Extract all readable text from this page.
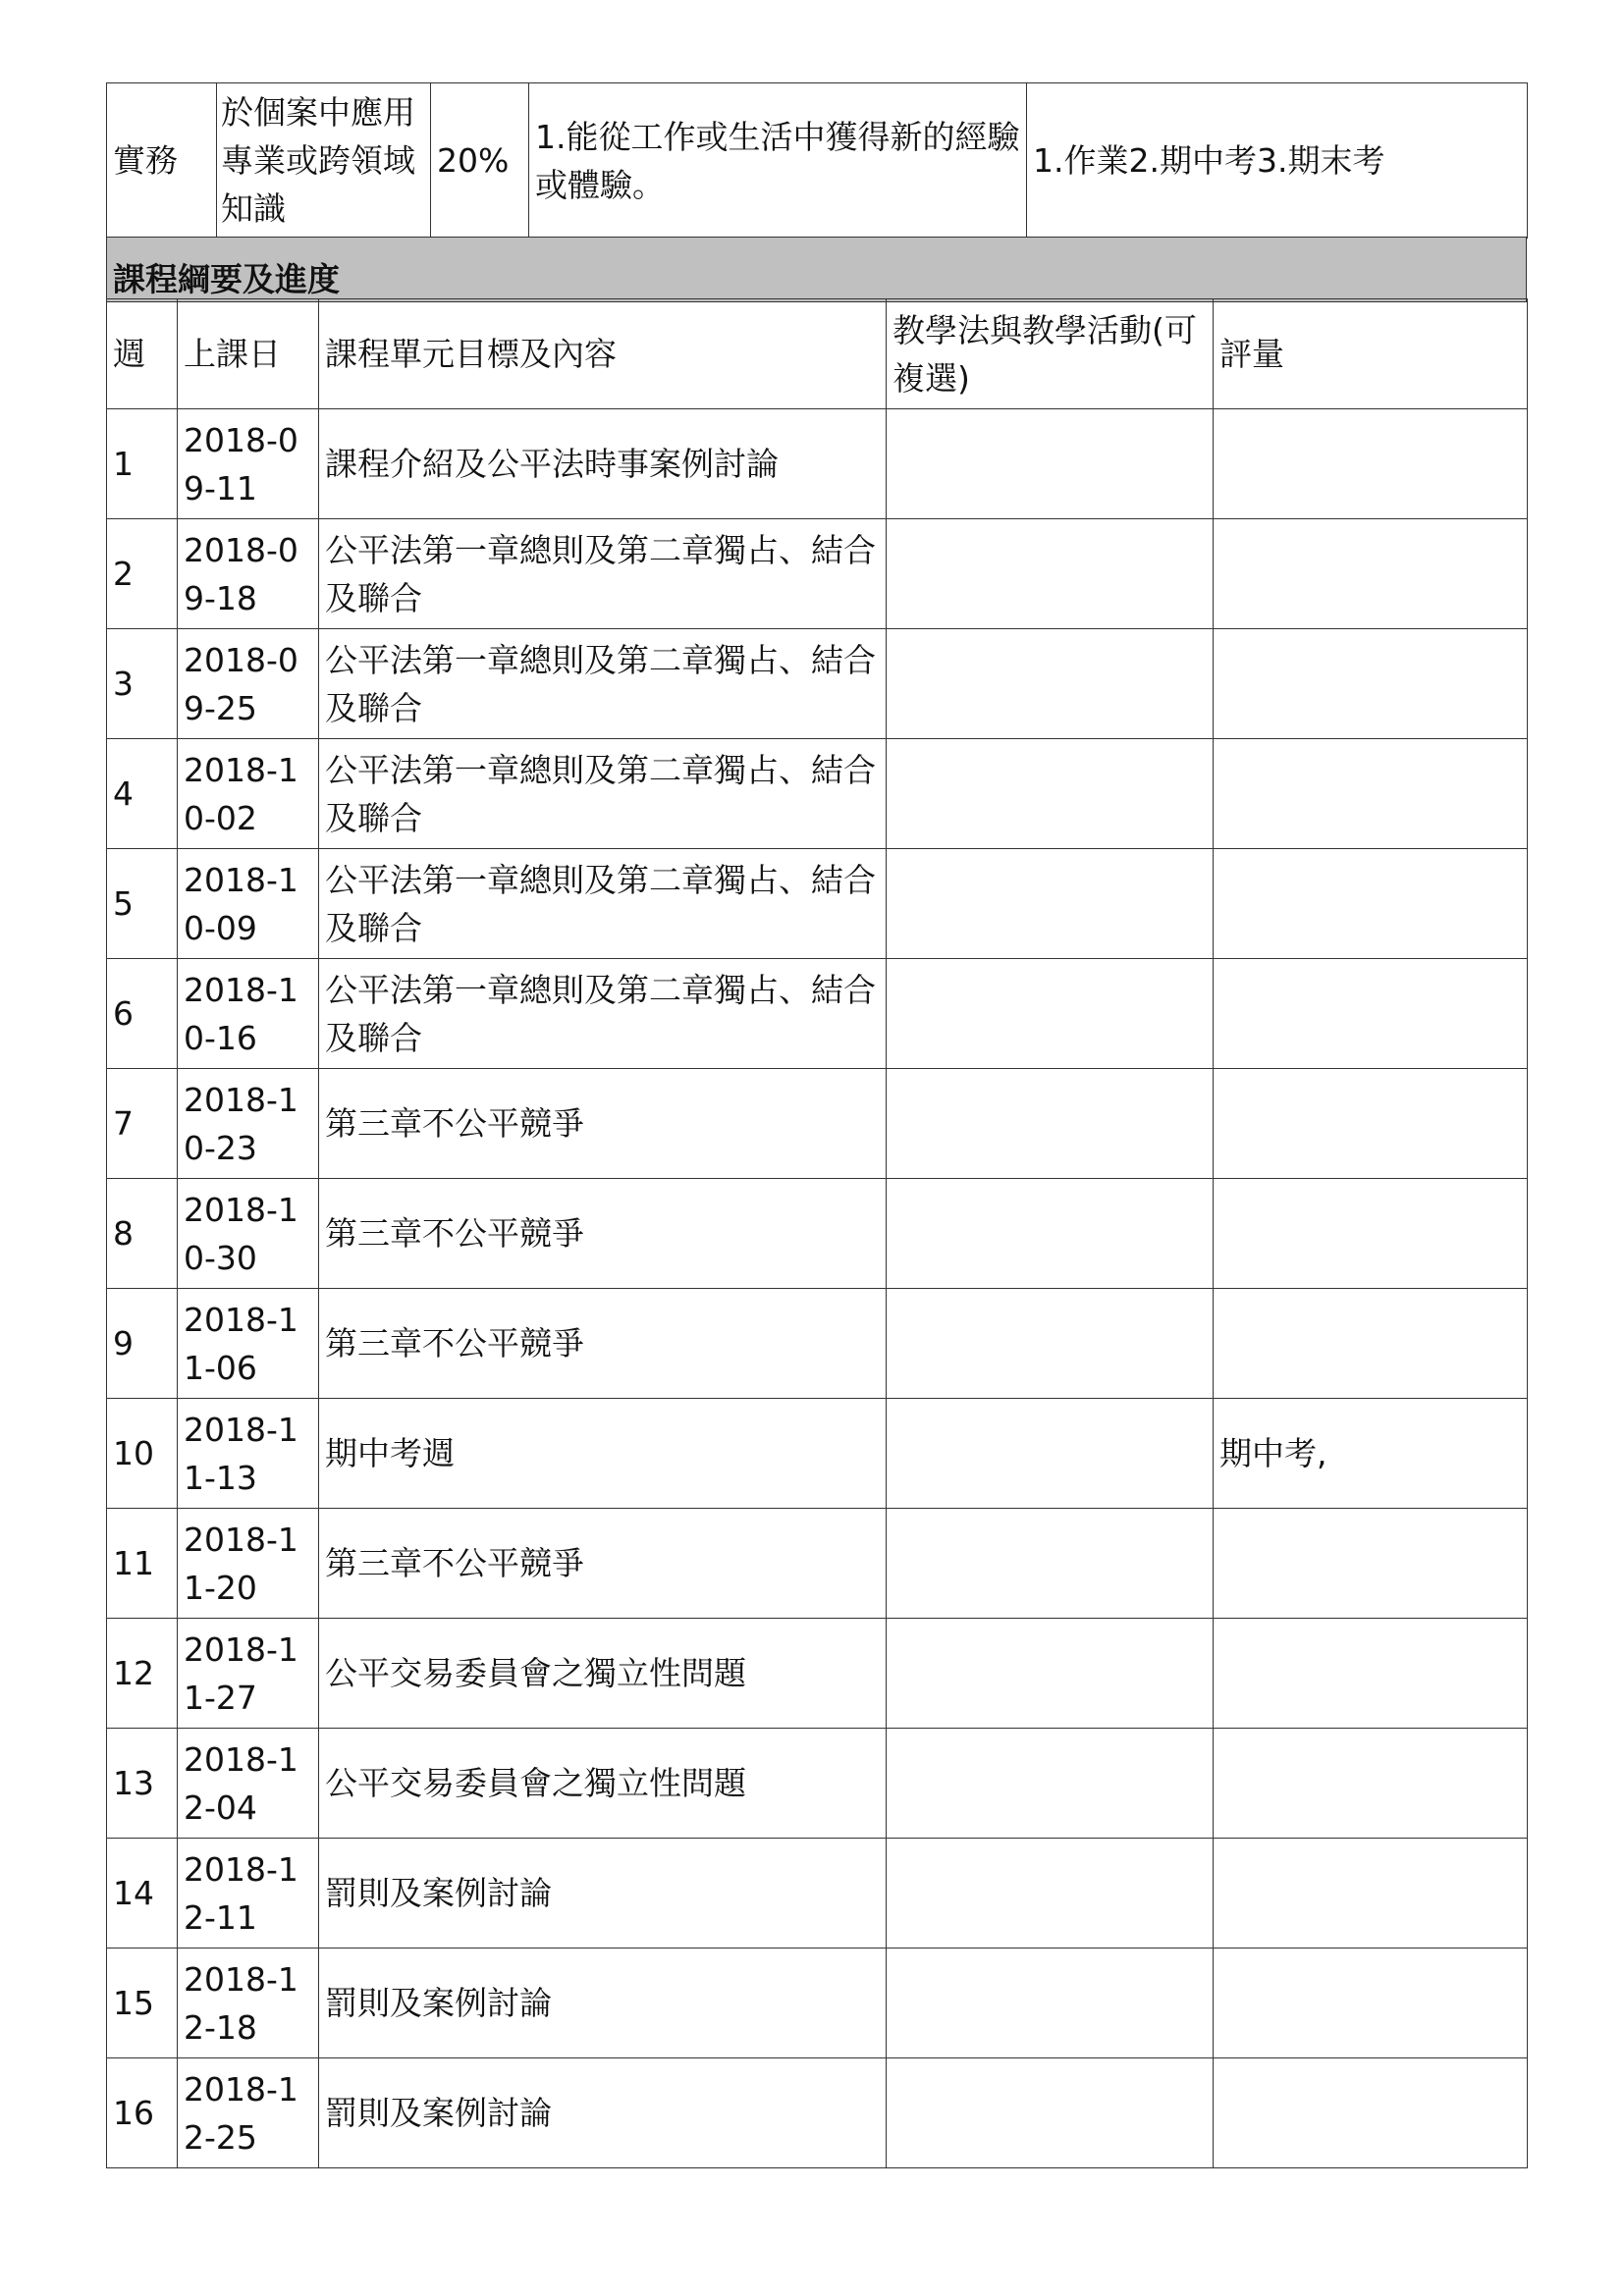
實務	於個案中應用專業或跨領域知識	20%	1.能從工作或生活中獲得新的經驗或體驗。	1.作業2.期中考3.期末考
課程綱要及進度
週	上課日	課程單元目標及內容	教學法與教學活動(可複選)	評量
1	2018-09-11	課程介紹及公平法時事案例討論		
2	2018-09-18	公平法第一章總則及第二章獨占、結合及聯合		
3	2018-09-25	公平法第一章總則及第二章獨占、結合及聯合		
4	2018-10-02	公平法第一章總則及第二章獨占、結合及聯合		
5	2018-10-09	公平法第一章總則及第二章獨占、結合及聯合		
6	2018-10-16	公平法第一章總則及第二章獨占、結合及聯合		
7	2018-10-23	第三章不公平競爭		
8	2018-10-30	第三章不公平競爭		
9	2018-11-06	第三章不公平競爭		
10	2018-11-13	期中考週		期中考,
11	2018-11-20	第三章不公平競爭		
12	2018-11-27	公平交易委員會之獨立性問題		
13	2018-12-04	公平交易委員會之獨立性問題		
14	2018-12-11	罰則及案例討論		
15	2018-12-18	罰則及案例討論		
16	2018-12-25	罰則及案例討論		
